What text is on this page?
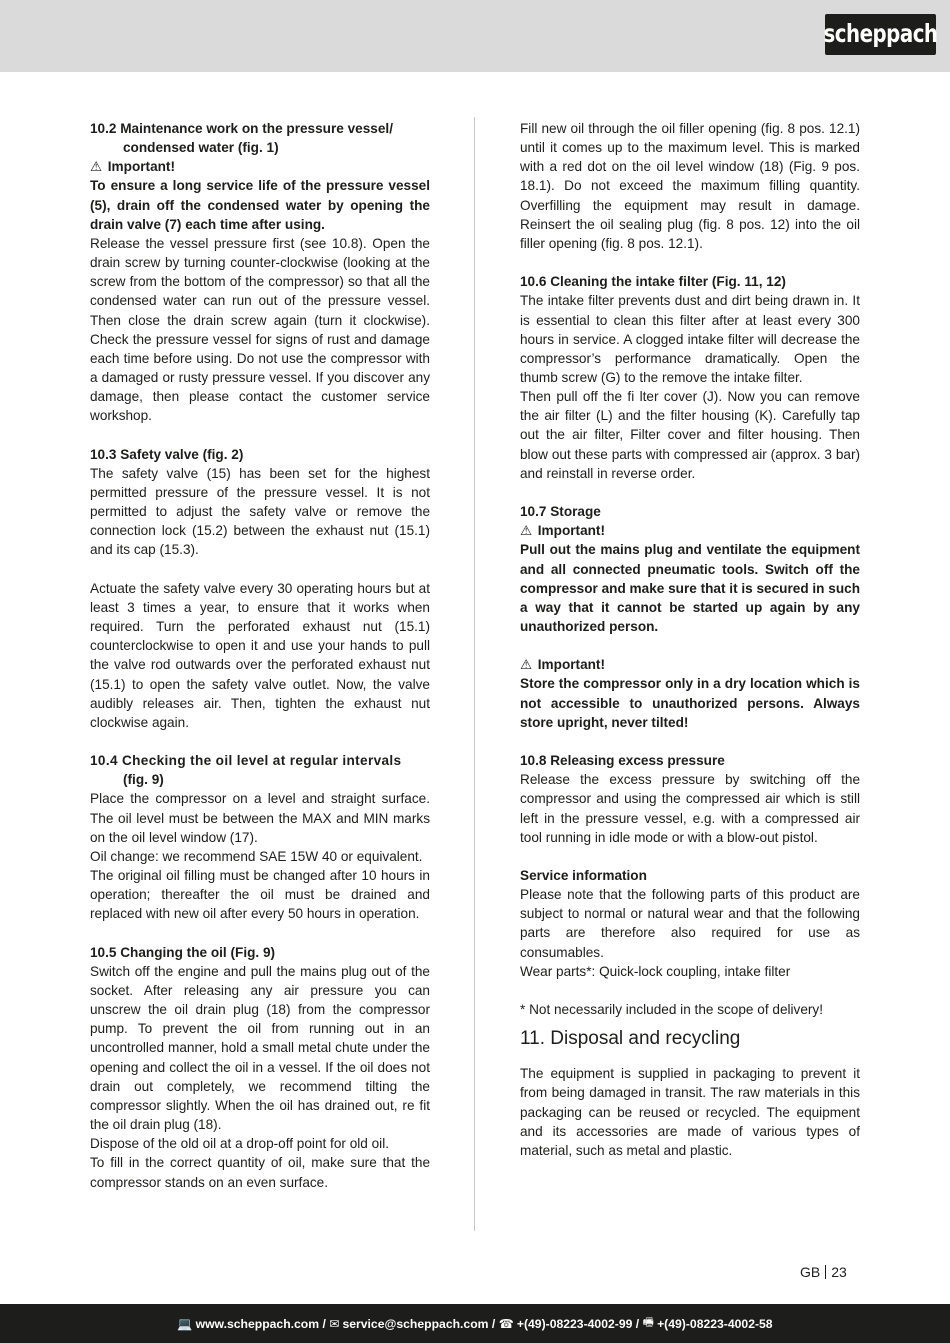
scheppach

10.2 Maintenance work on the pressure vessel/

condensed water (fig. 1)

⚠ Important!

To ensure a long service life of the pressure vessel (5), drain off the condensed water by opening the drain valve (7) each time after using.

Release the vessel pressure first (see 10.8). Open the drain screw by turning counter-clockwise (looking at the screw from the bottom of the compressor) so that all the condensed water can run out of the pressure vessel. Then close the drain screw again (turn it clockwise). Check the pressure vessel for signs of rust and damage each time before using. Do not use the compressor with a damaged or rusty pressure vessel. If you discover any damage, then please contact the customer service workshop.

10.3 Safety valve (fig. 2)

The safety valve (15) has been set for the highest permitted pressure of the pressure vessel. It is not permitted to adjust the safety valve or remove the connection lock (15.2) between the exhaust nut (15.1) and its cap (15.3).

Actuate the safety valve every 30 operating hours but at least 3 times a year, to ensure that it works when required. Turn the perforated exhaust nut (15.1) counterclockwise to open it and use your hands to pull the valve rod outwards over the perforated exhaust nut (15.1) to open the safety valve outlet. Now, the valve audibly releases air. Then, tighten the exhaust nut clockwise again.

10.4 Checking the oil level at regular intervals

(fig. 9)

Place the compressor on a level and straight surface. The oil level must be between the MAX and MIN marks on the oil level window (17).

Oil change: we recommend SAE 15W 40 or equivalent.

The original oil filling must be changed after 10 hours in operation; thereafter the oil must be drained and replaced with new oil after every 50 hours in operation.

10.5 Changing the oil (Fig. 9)

Switch off the engine and pull the mains plug out of the socket. After releasing any air pressure you can unscrew the oil drain plug (18) from the compressor pump. To prevent the oil from running out in an uncontrolled manner, hold a small metal chute under the opening and collect the oil in a vessel. If the oil does not drain out completely, we recommend tilting the compressor slightly. When the oil has drained out, re fit the oil drain plug (18).

Dispose of the old oil at a drop-off point for old oil.

To fill in the correct quantity of oil, make sure that the compressor stands on an even surface.

Fill new oil through the oil filler opening (fig. 8 pos. 12.1) until it comes up to the maximum level. This is marked with a red dot on the oil level window (18) (Fig. 9 pos. 18.1). Do not exceed the maximum filling quantity. Overfilling the equipment may result in damage. Reinsert the oil sealing plug (fig. 8 pos. 12) into the oil filler opening (fig. 8 pos. 12.1).

10.6 Cleaning the intake filter (Fig. 11, 12)

The intake filter prevents dust and dirt being drawn in. It is essential to clean this filter after at least every 300 hours in service. A clogged intake filter will decrease the compressor’s performance dramatically. Open the thumb screw (G) to the remove the intake filter.

Then pull off the fi lter cover (J). Now you can remove the air filter (L) and the filter housing (K). Carefully tap out the air filter, Filter cover and filter housing. Then blow out these parts with compressed air (approx. 3 bar) and reinstall in reverse order.

10.7 Storage

⚠ Important!

Pull out the mains plug and ventilate the equipment and all connected pneumatic tools. Switch off the compressor and make sure that it is secured in such a way that it cannot be started up again by any unauthorized person.

⚠ Important!

Store the compressor only in a dry location which is not accessible to unauthorized persons. Always store upright, never tilted!

10.8 Releasing excess pressure

Release the excess pressure by switching off the compressor and using the compressed air which is still left in the pressure vessel, e.g. with a compressed air tool running in idle mode or with a blow-out pistol.

Service information

Please note that the following parts of this product are subject to normal or natural wear and that the following parts are therefore also required for use as consumables.

Wear parts*: Quick-lock coupling, intake filter

* Not necessarily included in the scope of delivery!

11. Disposal and recycling

The equipment is supplied in packaging to prevent it from being damaged in transit. The raw materials in this packaging can be reused or recycled. The equipment and its accessories are made of various types of material, such as metal and plastic.

GB 23
💻 www.scheppach.com /
✉ service@scheppach.com /
☎ +(49)-08223-4002-99 /
🖷 +(49)-08223-4002-58
